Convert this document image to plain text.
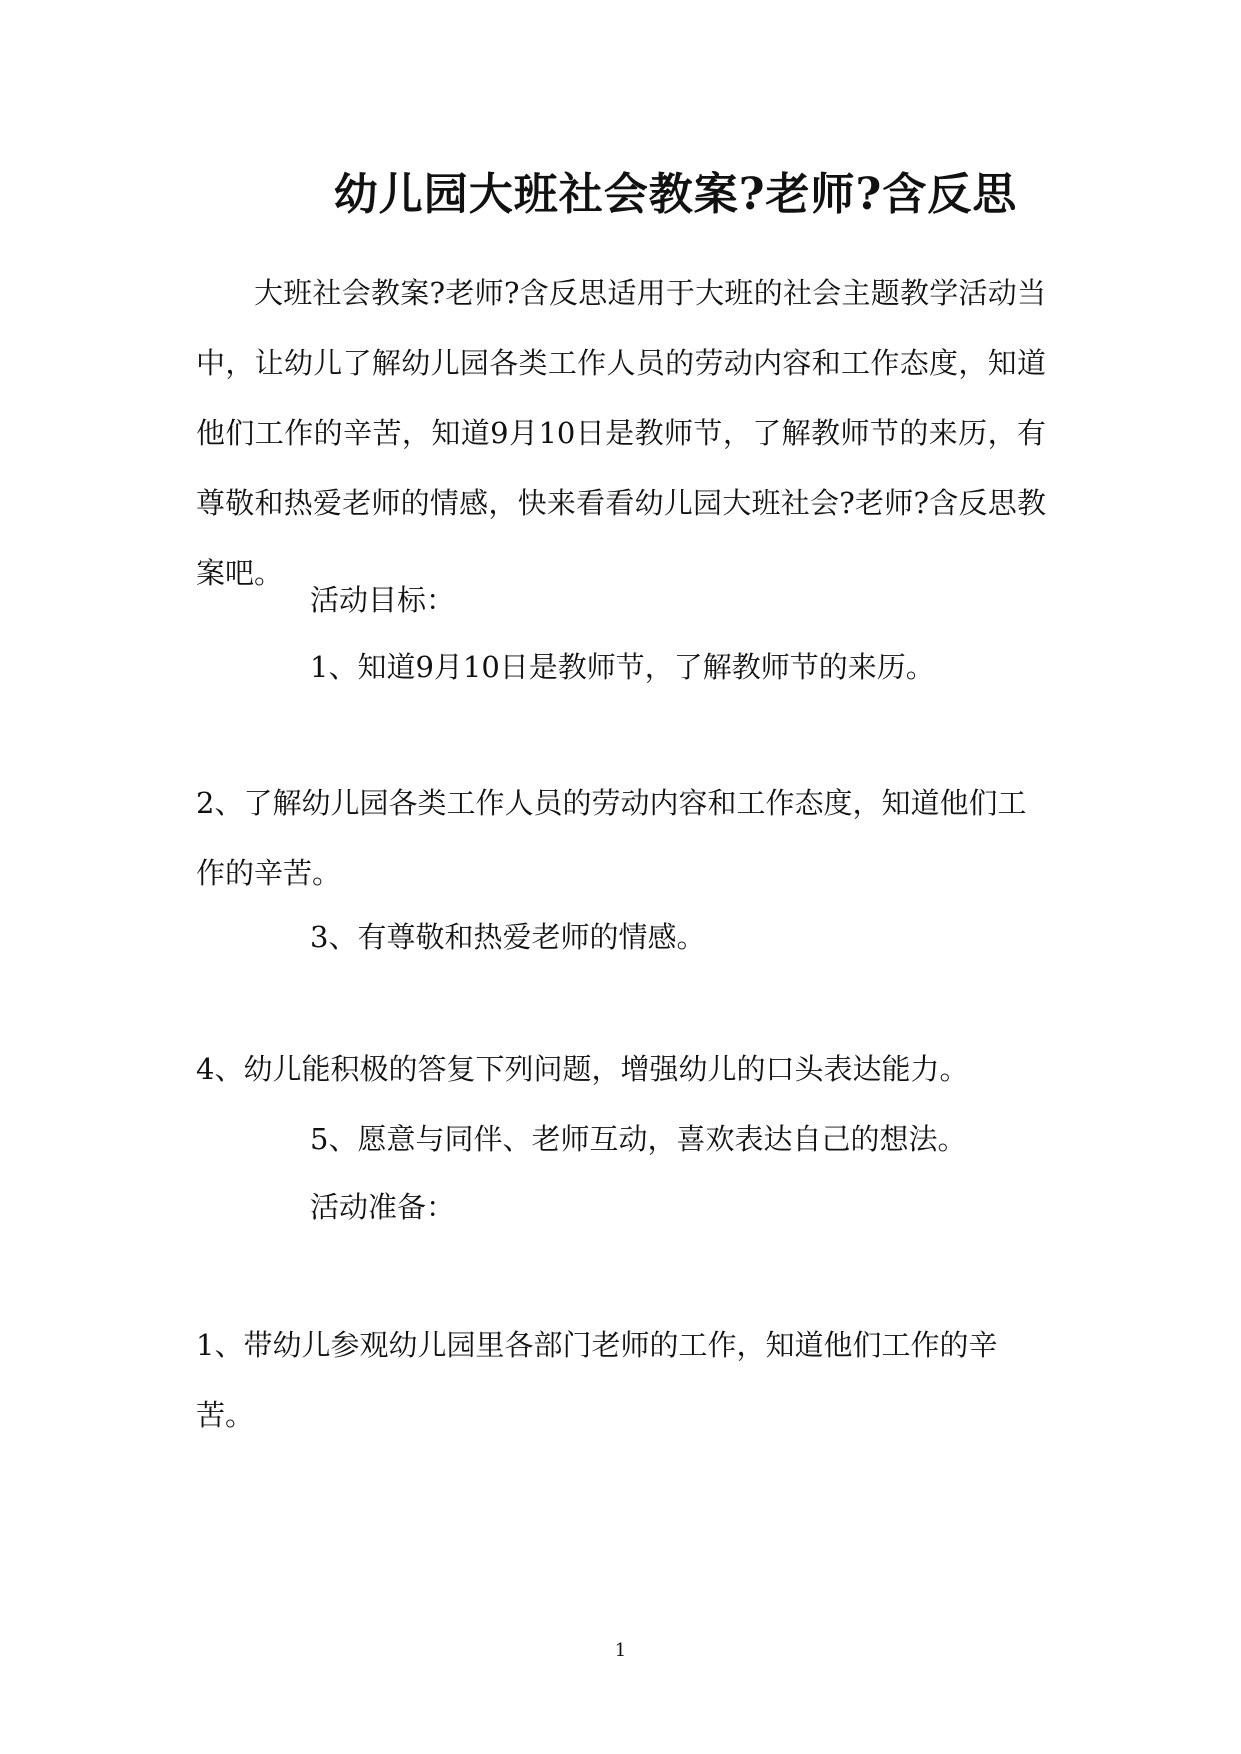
幼儿园大班社会教案?老师?含反思

大班社会教案?老师?含反思适用于大班的社会主题教学活动当中，让幼儿了解幼儿园各类工作人员的劳动内容和工作态度，知道他们工作的辛苦，知道9月10日是教师节，了解教师节的来历，有尊敬和热爱老师的情感，快来看看幼儿园大班社会?老师?含反思教案吧。

活动目标：

1、知道9月10日是教师节，了解教师节的来历。

2、了解幼儿园各类工作人员的劳动内容和工作态度，知道他们工作的辛苦。

3、有尊敬和热爱老师的情感。

4、幼儿能积极的答复下列问题，增强幼儿的口头表达能力。

5、愿意与同伴、老师互动，喜欢表达自己的想法。

活动准备：

1、带幼儿参观幼儿园里各部门老师的工作，知道他们工作的辛苦。

1
